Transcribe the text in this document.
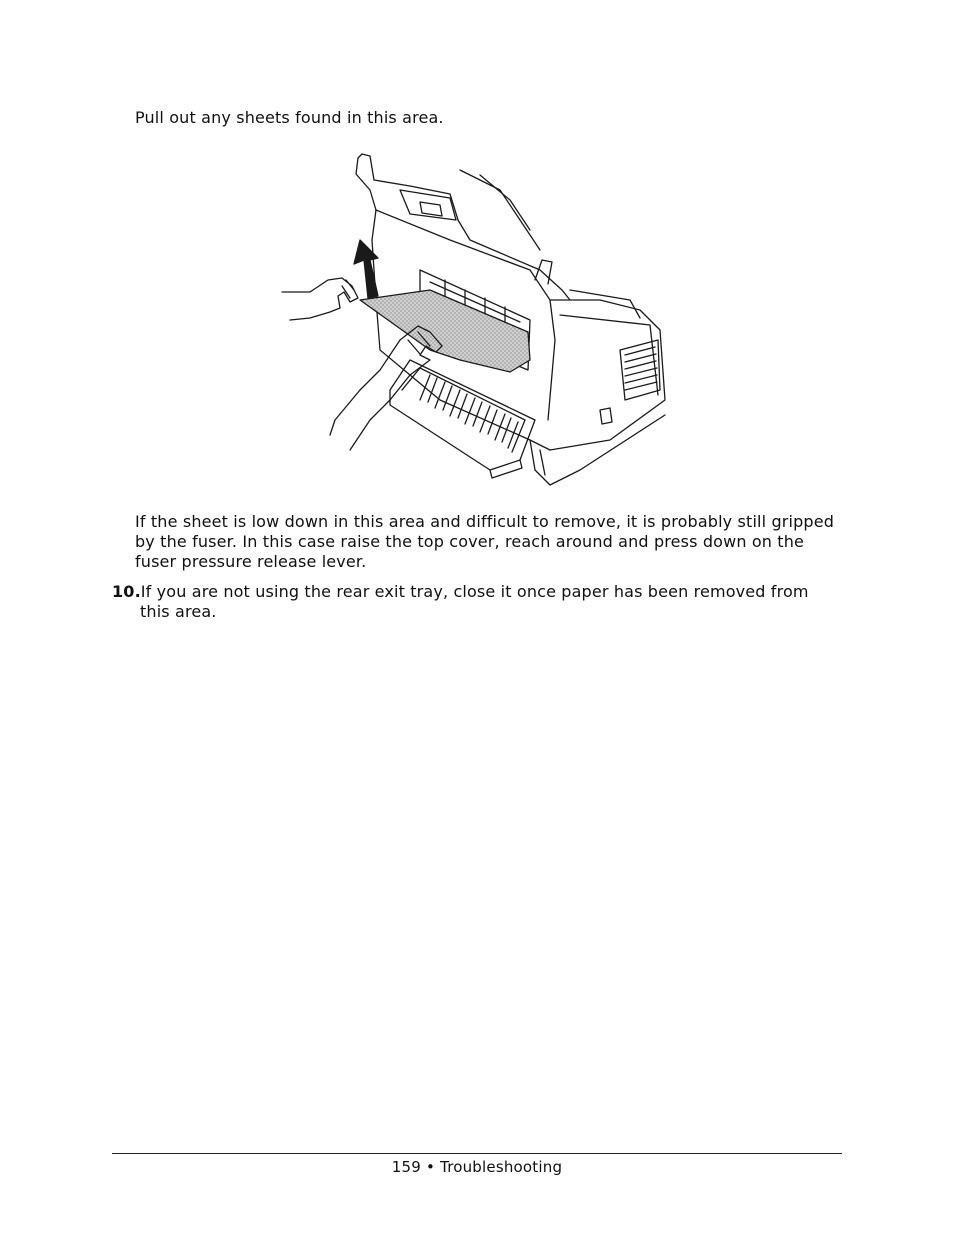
Pull out any sheets found in this area.

If the sheet is low down in this area and difficult to remove, it is probably still gripped by the fuser. In this case raise the top cover, reach around and press down on the fuser pressure release lever.

10.If you are not using the rear exit tray, close it once paper has been removed from
this area.
159 • Troubleshooting
